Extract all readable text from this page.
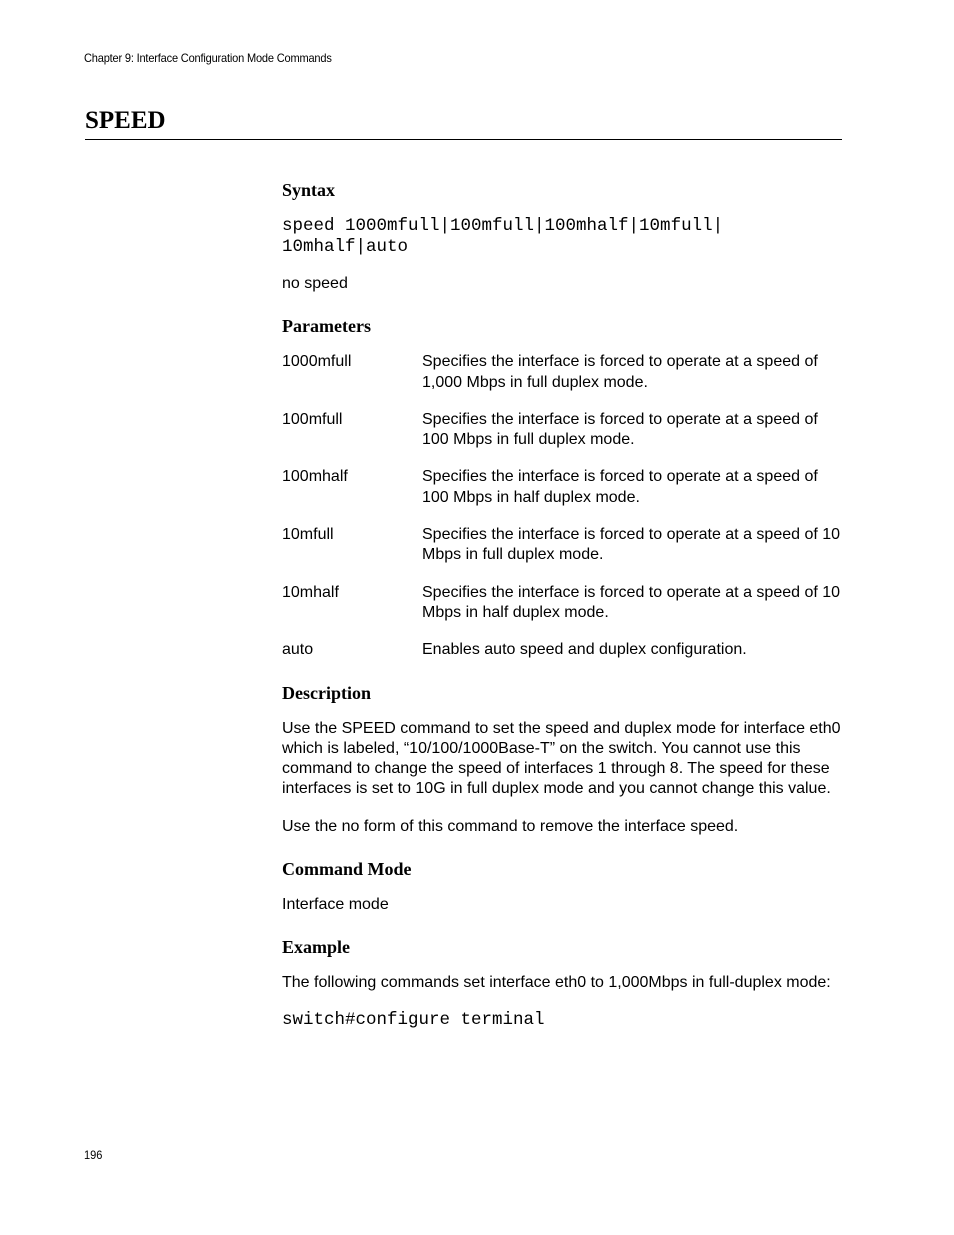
Chapter 9: Interface Configuration Mode Commands
SPEED
Syntax
speed 1000mfull|100mfull|100mhalf|10mfull|
10mhalf|auto
no speed
Parameters
1000mfull	Specifies the interface is forced to operate at a speed of 1,000 Mbps in full duplex mode.
100mfull	Specifies the interface is forced to operate at a speed of 100 Mbps in full duplex mode.
100mhalf	Specifies the interface is forced to operate at a speed of 100 Mbps in half duplex mode.
10mfull	Specifies the interface is forced to operate at a speed of 10 Mbps in full duplex mode.
10mhalf	Specifies the interface is forced to operate at a speed of 10 Mbps in half duplex mode.
auto	Enables auto speed and duplex configuration.
Description
Use the SPEED command to set the speed and duplex mode for interface eth0 which is labeled, “10/100/1000Base-T” on the switch. You cannot use this command to change the speed of interfaces 1 through 8. The speed for these interfaces is set to 10G in full duplex mode and you cannot change this value.
Use the no form of this command to remove the interface speed.
Command Mode
Interface mode
Example
The following commands set interface eth0 to 1,000Mbps in full-duplex mode:
switch#configure terminal
196
